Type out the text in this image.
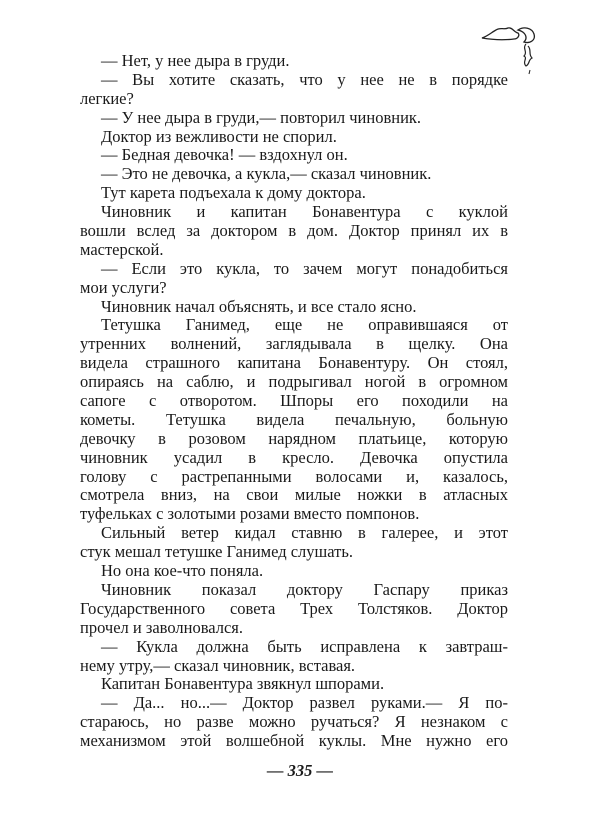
— Нет, у нее дыра в груди.
— Вы хотите сказать, что у нее не в порядке
легкие?
— У нее дыра в груди,— повторил чиновник.
Доктор из вежливости не спорил.
— Бедная девочка! — вздохнул он.
— Это не девочка, а кукла,— сказал чиновник.
Тут карета подъехала к дому доктора.
Чиновник и капитан Бонавентура с куклой
вошли вслед за доктором в дом. Доктор принял их в
мастерской.
— Если это кукла, то зачем могут понадобиться
мои услуги?
Чиновник начал объяснять, и все стало ясно.
Тетушка Ганимед, еще не оправившаяся от
утренних волнений, заглядывала в щелку. Она
видела страшного капитана Бонавентуру. Он стоял,
опираясь на саблю, и подрыгивал ногой в огромном
сапоге с отворотом. Шпоры его походили на
кометы. Тетушка видела печальную, больную
девочку в розовом нарядном платьице, которую
чиновник усадил в кресло. Девочка опустила
голову с растрепанными волосами и, казалось,
смотрела вниз, на свои милые ножки в атласных
туфельках с золотыми розами вместо помпонов.
Сильный ветер кидал ставню в галерее, и этот
стук мешал тетушке Ганимед слушать.
Но она кое-что поняла.
Чиновник показал доктору Гаспару приказ
Государственного совета Трех Толстяков. Доктор
прочел и заволновался.
— Кукла должна быть исправлена к завтраш-
нему утру,— сказал чиновник, вставая.
Капитан Бонавентура звякнул шпорами.
— Да... но...— Доктор развел руками.— Я по-
стараюсь, но разве можно ручаться? Я незнаком с
механизмом этой волшебной куклы. Мне нужно его
— 335 —
